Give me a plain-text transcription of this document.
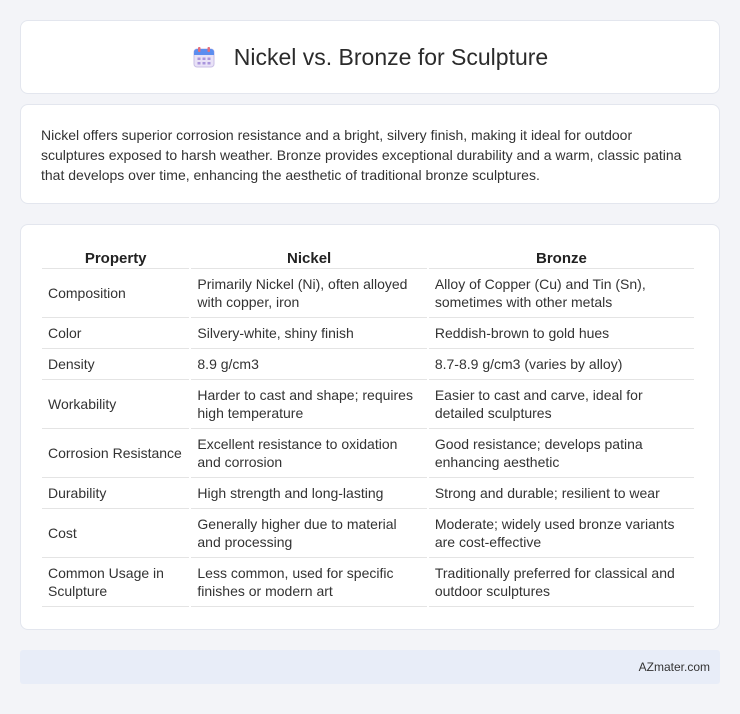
Nickel vs. Bronze for Sculpture

Nickel offers superior corrosion resistance and a bright, silvery finish, making it ideal for outdoor sculptures exposed to harsh weather. Bronze provides exceptional durability and a warm, classic patina that develops over time, enhancing the aesthetic of traditional bronze sculptures.

Property	Nickel	Bronze
Composition	Primarily Nickel (Ni), often alloyed with copper, iron	Alloy of Copper (Cu) and Tin (Sn), sometimes with other metals
Color	Silvery-white, shiny finish	Reddish-brown to gold hues
Density	8.9 g/cm3	8.7-8.9 g/cm3 (varies by alloy)
Workability	Harder to cast and shape; requires high temperature	Easier to cast and carve, ideal for detailed sculptures
Corrosion Resistance	Excellent resistance to oxidation and corrosion	Good resistance; develops patina enhancing aesthetic
Durability	High strength and long-lasting	Strong and durable; resilient to wear
Cost	Generally higher due to material and processing	Moderate; widely used bronze variants are cost-effective
Common Usage in Sculpture	Less common, used for specific finishes or modern art	Traditionally preferred for classical and outdoor sculptures
AZmater.com
